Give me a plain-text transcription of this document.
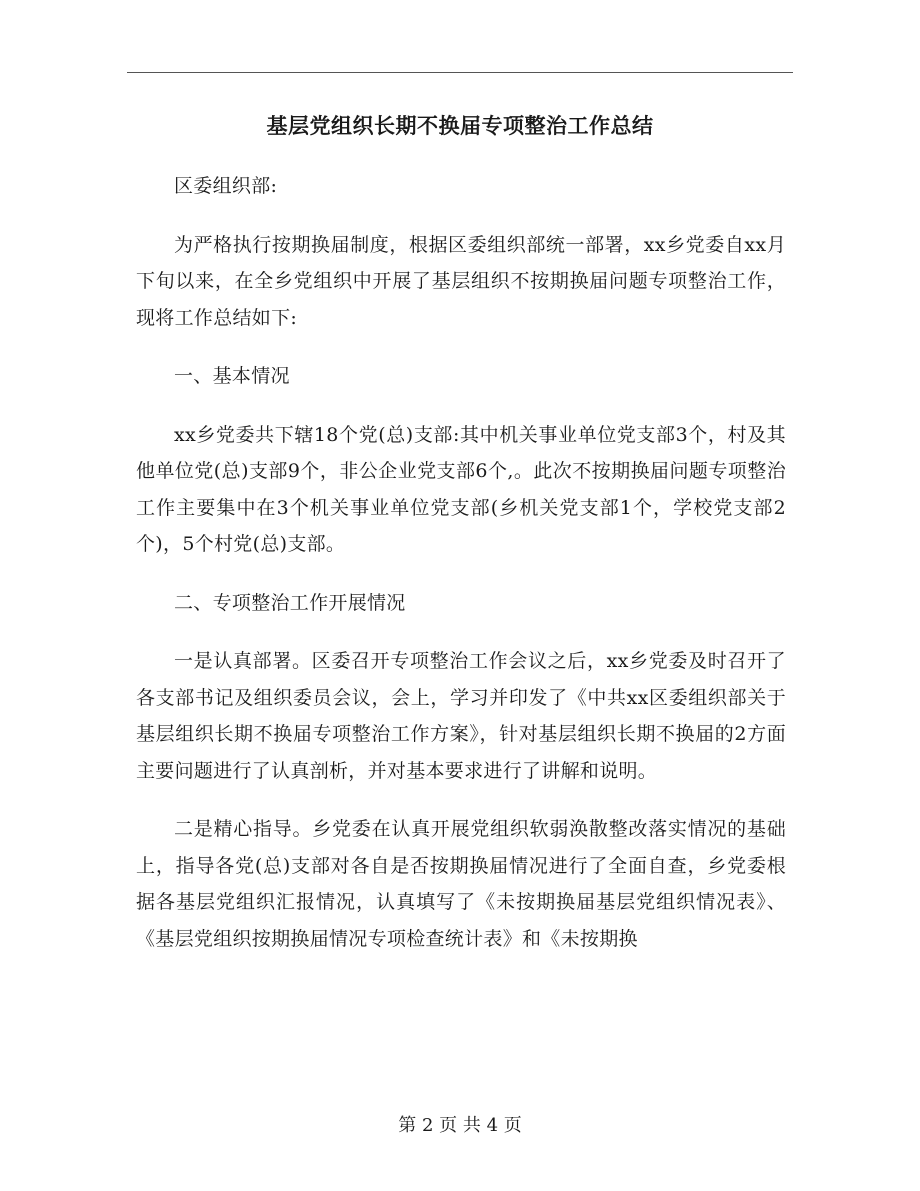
基层党组织长期不换届专项整治工作总结

区委组织部:

为严格执行按期换届制度，根据区委组织部统一部署，xx乡党委自xx月下旬以来，在全乡党组织中开展了基层组织不按期换届问题专项整治工作，现将工作总结如下:

一、基本情况

xx乡党委共下辖18个党(总)支部:其中机关事业单位党支部3个，村及其他单位党(总)支部9个，非公企业党支部6个,。此次不按期换届问题专项整治工作主要集中在3个机关事业单位党支部(乡机关党支部1个，学校党支部2个)，5个村党(总)支部。

二、专项整治工作开展情况

一是认真部署。区委召开专项整治工作会议之后，xx乡党委及时召开了各支部书记及组织委员会议，会上，学习并印发了《中共xx区委组织部关于基层组织长期不换届专项整治工作方案》，针对基层组织长期不换届的2方面主要问题进行了认真剖析，并对基本要求进行了讲解和说明。

二是精心指导。乡党委在认真开展党组织软弱涣散整改落实情况的基础上，指导各党(总)支部对各自是否按期换届情况进行了全面自查，乡党委根据各基层党组织汇报情况，认真填写了《未按期换届基层党组织情况表》、《基层党组织按期换届情况专项检查统计表》和《未按期换

第 2 页 共 4 页
